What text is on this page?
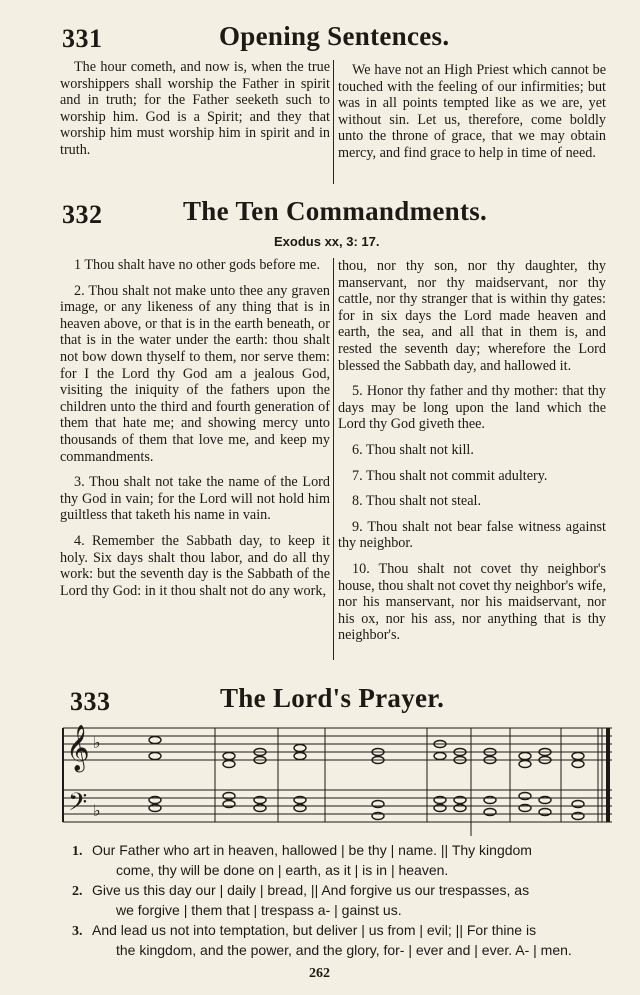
331	Opening Sentences.

The hour cometh, and now is, when the true worshippers shall worship the Father in spirit and in truth; for the Father seeketh such to worship him. God is a Spirit; and they that worship him must worship him in spirit and in truth.

We have not an High Priest which cannot be touched with the feeling of our infirmities; but was in all points tempted like as we are, yet without sin. Let us, therefore, come boldly unto the throne of grace, that we may obtain mercy, and find grace to help in time of need.

332	The Ten Commandments.
Exodus xx, 3: 17.

1 Thou shalt have no other gods before me.

2. Thou shalt not make unto thee any graven image, or any likeness of any thing that is in heaven above, or that is in the earth beneath, or that is in the water under the earth: thou shalt not bow down thyself to them, nor serve them: for I the Lord thy God am a jealous God, visiting the iniquity of the fathers upon the children unto the third and fourth generation of them that hate me; and showing mercy unto thousands of them that love me, and keep my commandments.

3. Thou shalt not take the name of the Lord thy God in vain; for the Lord will not hold him guiltless that taketh his name in vain.

4. Remember the Sabbath day, to keep it holy. Six days shalt thou labor, and do all thy work: but the seventh day is the Sabbath of the Lord thy God: in it thou shalt not do any work,

thou, nor thy son, nor thy daughter, thy manservant, nor thy maidservant, nor thy cattle, nor thy stranger that is within thy gates: for in six days the Lord made heaven and earth, the sea, and all that in them is, and rested the seventh day; wherefore the Lord blessed the Sabbath day, and hallowed it.

5. Honor thy father and thy mother: that thy days may be long upon the land which the Lord thy God giveth thee.

6. Thou shalt not kill.

7. Thou shalt not commit adultery.

8. Thou shalt not steal.

9. Thou shalt not bear false witness against thy neighbor.

10. Thou shalt not covet thy neighbor's house, thou shalt not covet thy neighbor's wife, nor his manservant, nor his maidservant, nor his ox, nor his ass, nor anything that is thy neighbor's.

333	The Lord's Prayer.
𝄞
𝄢
♭
♭
1. Our Father who art in heaven, hallowed | be thy | name. || Thy kingdom
come, thy will be done on | earth, as it | is in | heaven.
2. Give us this day our | daily | bread, || And forgive us our trespasses, as
we forgive | them that | trespass a- | gainst us.
3. And lead us not into temptation, but deliver | us from | evil; || For thine is
the kingdom, and the power, and the glory, for- | ever and | ever. A- | men.
262
